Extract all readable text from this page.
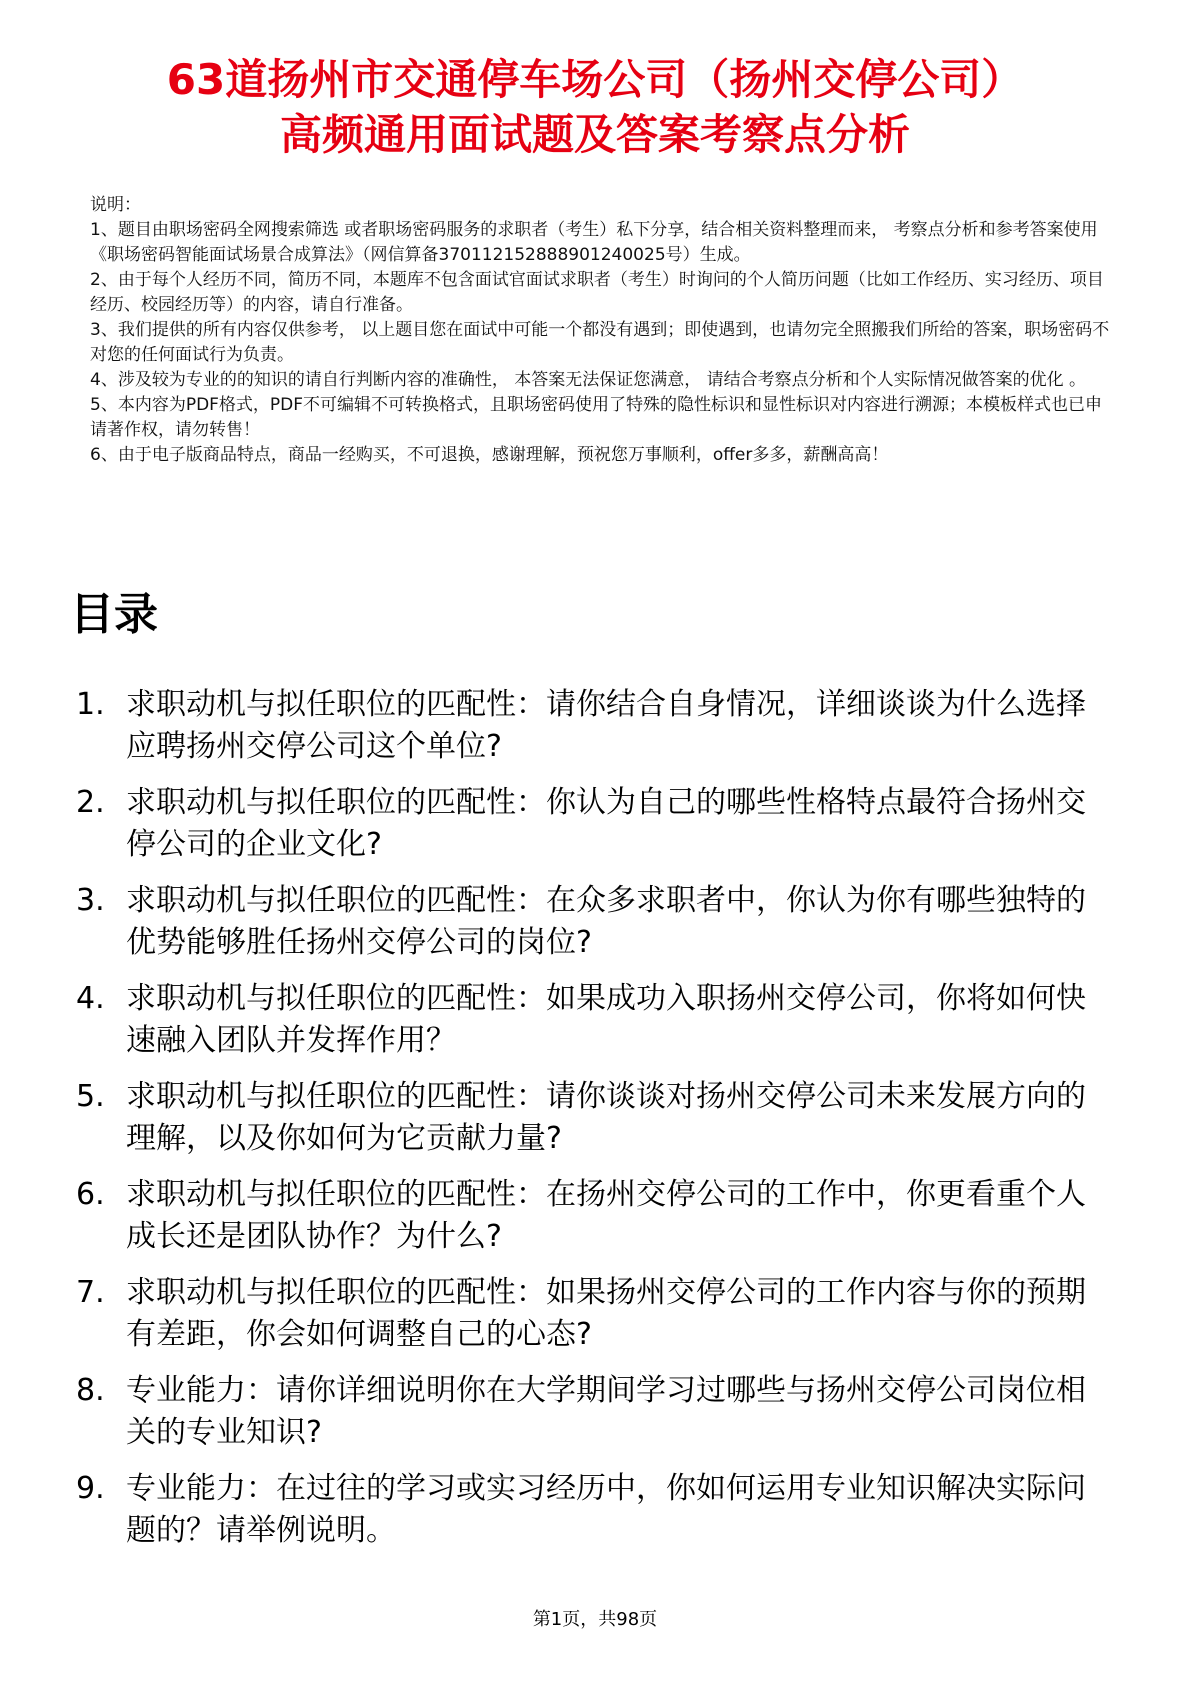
63道扬州市交通停车场公司（扬州交停公司）
高频通用面试题及答案考察点分析

说明：

1、题目由职场密码全网搜索筛选 或者职场密码服务的求职者（考生）私下分享，结合相关资料整理而来， 考察点分析和参考答案使用《职场密码智能面试场景合成算法》（网信算备370112152888901240025号）生成。

2、由于每个人经历不同，简历不同，本题库不包含面试官面试求职者（考生）时询问的个人简历问题（比如工作经历、实习经历、项目经历、校园经历等）的内容，请自行准备。

3、我们提供的所有内容仅供参考， 以上题目您在面试中可能一个都没有遇到；即使遇到，也请勿完全照搬我们所给的答案，职场密码不对您的任何面试行为负责。

4、涉及较为专业的的知识的请自行判断内容的准确性， 本答案无法保证您满意， 请结合考察点分析和个人实际情况做答案的优化 。

5、本内容为PDF格式，PDF不可编辑不可转换格式，且职场密码使用了特殊的隐性标识和显性标识对内容进行溯源；本模板样式也已申请著作权，请勿转售！

6、由于电子版商品特点，商品一经购买，不可退换，感谢理解，预祝您万事顺利，offer多多，薪酬高高！

目录
1. 求职动机与拟任职位的匹配性：请你结合自身情况，详细谈谈为什么选择应聘扬州交停公司这个单位?
2. 求职动机与拟任职位的匹配性：你认为自己的哪些性格特点最符合扬州交停公司的企业文化?
3. 求职动机与拟任职位的匹配性：在众多求职者中，你认为你有哪些独特的优势能够胜任扬州交停公司的岗位?
4. 求职动机与拟任职位的匹配性：如果成功入职扬州交停公司，你将如何快速融入团队并发挥作用？
5. 求职动机与拟任职位的匹配性：请你谈谈对扬州交停公司未来发展方向的理解，以及你如何为它贡献力量?
6. 求职动机与拟任职位的匹配性：在扬州交停公司的工作中，你更看重个人成长还是团队协作？为什么?
7. 求职动机与拟任职位的匹配性：如果扬州交停公司的工作内容与你的预期有差距，你会如何调整自己的心态?
8. 专业能力：请你详细说明你在大学期间学习过哪些与扬州交停公司岗位相关的专业知识?
9. 专业能力：在过往的学习或实习经历中，你如何运用专业知识解决实际问题的？请举例说明。
第1页，共98页
